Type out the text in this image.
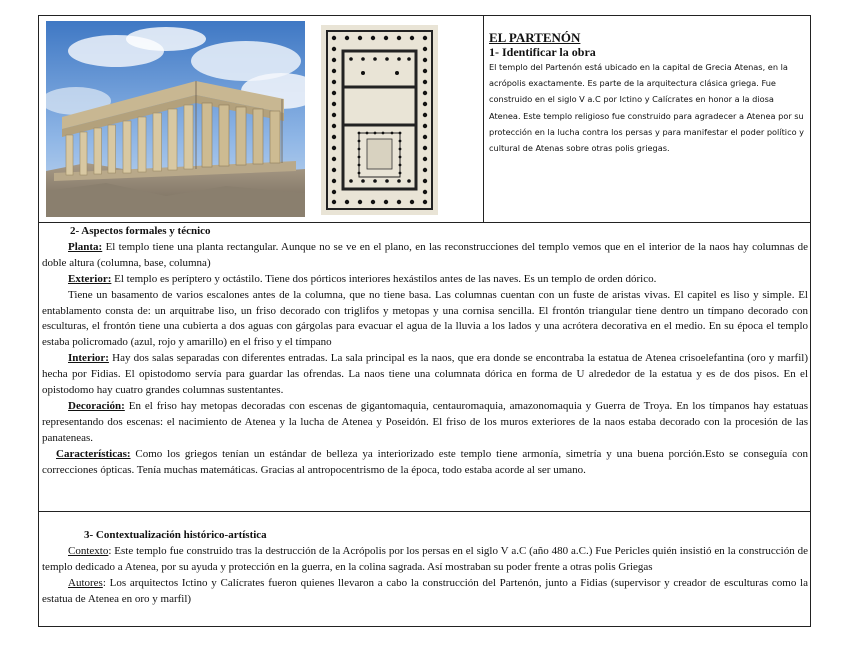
EL PARTENÓN

1- Identificar la obra

El templo del Partenón está ubicado en la capital de Grecia Atenas, en la acrópolis exactamente. Es parte de la arquitectura clásica griega. Fue construido en el siglo V a.C por Ictino y Calícrates en honor a la diosa Atenea. Este templo religioso fue construido para agradecer a Atenea por su protección en la lucha contra los persas y para manifestar el poder político y cultural de Atenas sobre otras polis griegas.

2- Aspectos formales y técnico

Planta: El templo tiene una planta rectangular. Aunque no se ve en el plano, en las reconstrucciones del templo vemos que en el interior de la naos hay columnas de doble altura (columna, base, columna)

Exterior: El templo es períptero y octástilo. Tiene dos pórticos interiores hexástilos antes de las naves. Es un templo de orden dórico.

Tiene un basamento de varios escalones antes de la columna, que no tiene basa. Las columnas cuentan con un fuste de aristas vivas. El capitel es liso y simple. El entablamento consta de: un arquitrabe liso, un friso decorado con triglifos y metopas y una cornisa sencilla. El frontón triangular tiene dentro un tímpano decorado con esculturas, el frontón tiene una cubierta a dos aguas con gárgolas para evacuar el agua de la lluvia a los lados y una acrótera decorativa en el medio. En su época el templo estaba policromado (azul, rojo y amarillo) en el friso y el tímpano

Interior: Hay dos salas separadas con diferentes entradas. La sala principal es la naos, que era donde se encontraba la estatua de Atenea crisoelefantina (oro y marfil) hecha por Fidias. El opistodomo servía para guardar las ofrendas. La naos tiene una columnata dórica en forma de U alrededor de la estatua y es de dos pisos. En el opistodomo hay cuatro grandes columnas sustentantes.

Decoración: En el friso hay metopas decoradas con escenas de gigantomaquia, centauromaquia, amazonomaquia y Guerra de Troya. En los tímpanos hay estatuas representando dos escenas: el nacimiento de Atenea y la lucha de Atenea y Poseidón. El friso de los muros exteriores de la naos estaba decorado con la procesión de las panateneas.

Características: Como los griegos tenían un estándar de belleza ya interiorizado este templo tiene armonía, simetría y una buena porción.Esto se conseguía con correcciones ópticas. Tenía muchas matemáticas. Gracias al antropocentrismo de la época, todo estaba acorde al ser umano.

3- Contextualización histórico-artística

Contexto: Este templo fue construido tras la destrucción de la Acrópolis por los persas en el siglo V a.C (año 480 a.C.) Fue Pericles quién insistió en la construcción de templo dedicado a Atenea, por su ayuda y protección en la guerra, en la colina sagrada. Así mostraban su poder frente a otras polis Griegas

Autores: Los arquitectos Ictino y Calícrates fueron quienes llevaron a cabo la construcción del Partenón, junto a Fidias (supervisor y creador de esculturas como la estatua de Atenea en oro y marfil)
